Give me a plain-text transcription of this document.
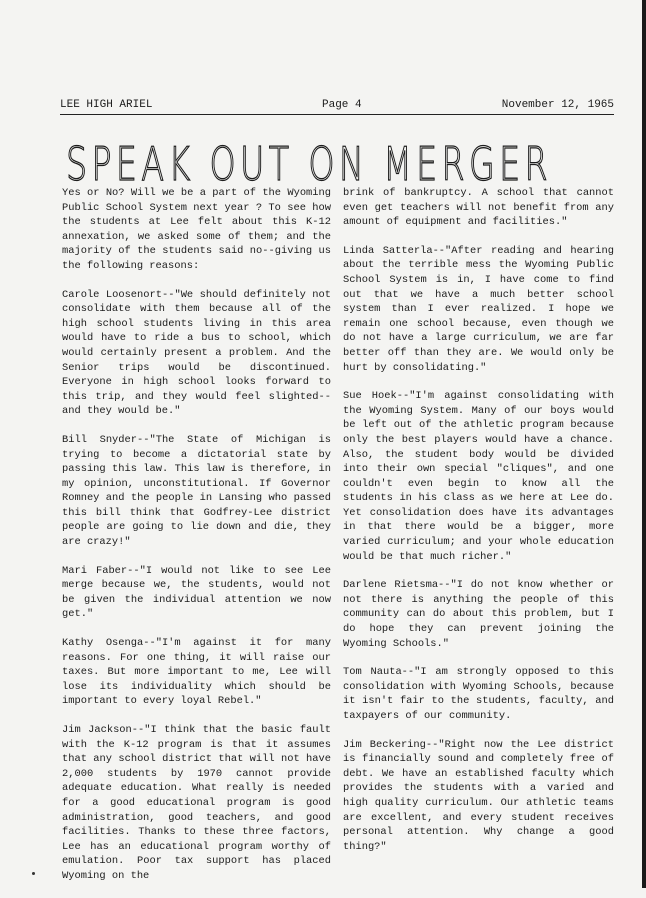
LEE HIGH ARIEL	Page 4	November 12, 1965
SPEAK OUT ON MERGER

Yes or No? Will we be a part of the Wyoming Public School System next year ? To see how the students at Lee felt about this K-12 annexation, we asked some of them; and the majority of the students said no--giving us the following reasons:

Carole Loosenort--"We should definitely not consolidate with them because all of the high school students living in this area would have to ride a bus to school, which would certainly present a problem. And the Senior trips would be discontinued. Everyone in high school looks forward to this trip, and they would feel slighted--and they would be."

Bill Snyder--"The State of Michigan is trying to become a dictatorial state by passing this law. This law is therefore, in my opinion, unconstitutional. If Governor Romney and the people in Lansing who passed this bill think that Godfrey-Lee district people are going to lie down and die, they are crazy!"

Mari Faber--"I would not like to see Lee merge because we, the students, would not be given the individual attention we now get."

Kathy Osenga--"I'm against it for many reasons. For one thing, it will raise our taxes. But more important to me, Lee will lose its individuality which should be important to every loyal Rebel."

Jim Jackson--"I think that the basic fault with the K-12 program is that it assumes that any school district that will not have 2,000 students by 1970 cannot provide adequate education. What really is needed for a good educational program is good administration, good teachers, and good facilities. Thanks to these three factors, Lee has an educational program worthy of emulation. Poor tax support has placed Wyoming on the

brink of bankruptcy. A school that cannot even get teachers will not benefit from any amount of equipment and facilities."

Linda Satterla--"After reading and hearing about the terrible mess the Wyoming Public School System is in, I have come to find out that we have a much better school system than I ever realized. I hope we remain one school because, even though we do not have a large curriculum, we are far better off than they are. We would only be hurt by consolidating."

Sue Hoek--"I'm against consolidating with the Wyoming System. Many of our boys would be left out of the athletic program because only the best players would have a chance. Also, the student body would be divided into their own special "cliques", and one couldn't even begin to know all the students in his class as we here at Lee do. Yet consolidation does have its advantages in that there would be a bigger, more varied curriculum; and your whole education would be that much richer."

Darlene Rietsma--"I do not know whether or not there is anything the people of this community can do about this problem, but I do hope they can prevent joining the Wyoming Schools."

Tom Nauta--"I am strongly opposed to this consolidation with Wyoming Schools, because it isn't fair to the students, faculty, and taxpayers of our community.

Jim Beckering--"Right now the Lee district is financially sound and completely free of debt. We have an established faculty which provides the students with a varied and high quality curriculum. Our athletic teams are excellent, and every student receives personal attention. Why change a good thing?"
